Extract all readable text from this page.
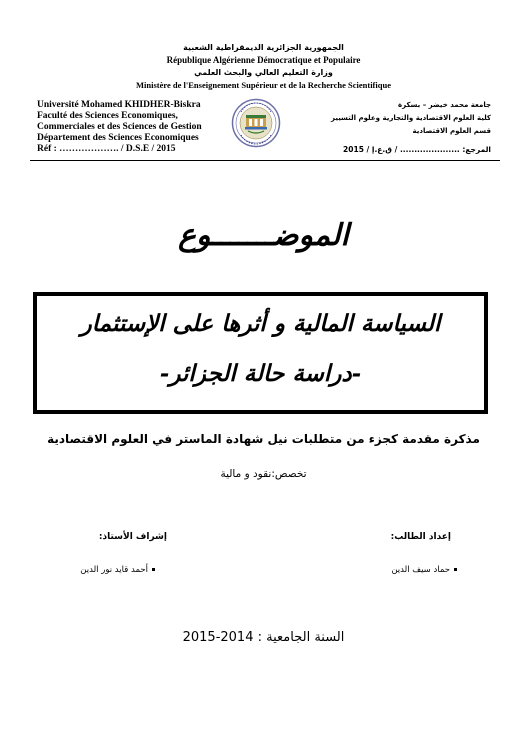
الجمهورية الجزائرية الديمقراطية الشعبية
République Algérienne Démocratique et Populaire
وزارة التعليم العالي والبحث العلمي
Ministère de l'Enseignement Supérieur et de la Recherche Scientifique
Université Mohamed KHIDHER-Biskra
Faculté des Sciences Economiques,
Commerciales et des Sciences de Gestion
Département des Sciences Economiques
Réf : ………………. / D.S.E / 2015
جامعة محمد خيضر – بسكرة
كلية العلوم الاقتصادية والتجارية وعلوم التسيير
قسم العلوم الاقتصادية
المرجع: ..................... / ق.ع.إ / 2015
الموضـــــــوع
السياسة المالية و أثرها على الإستثمار
-دراسة حالة الجزائر-
مذكرة مقدمة كجزء من متطلبات نيل شهادة الماستر في العلوم الاقتصادية
تخصص:نقود و مالية
إعداد الطالب:
إشراف الأستاذ:
حماد سيف الدين
أحمد قايد نور الدين
السنة الجامعية : 2014-2015
